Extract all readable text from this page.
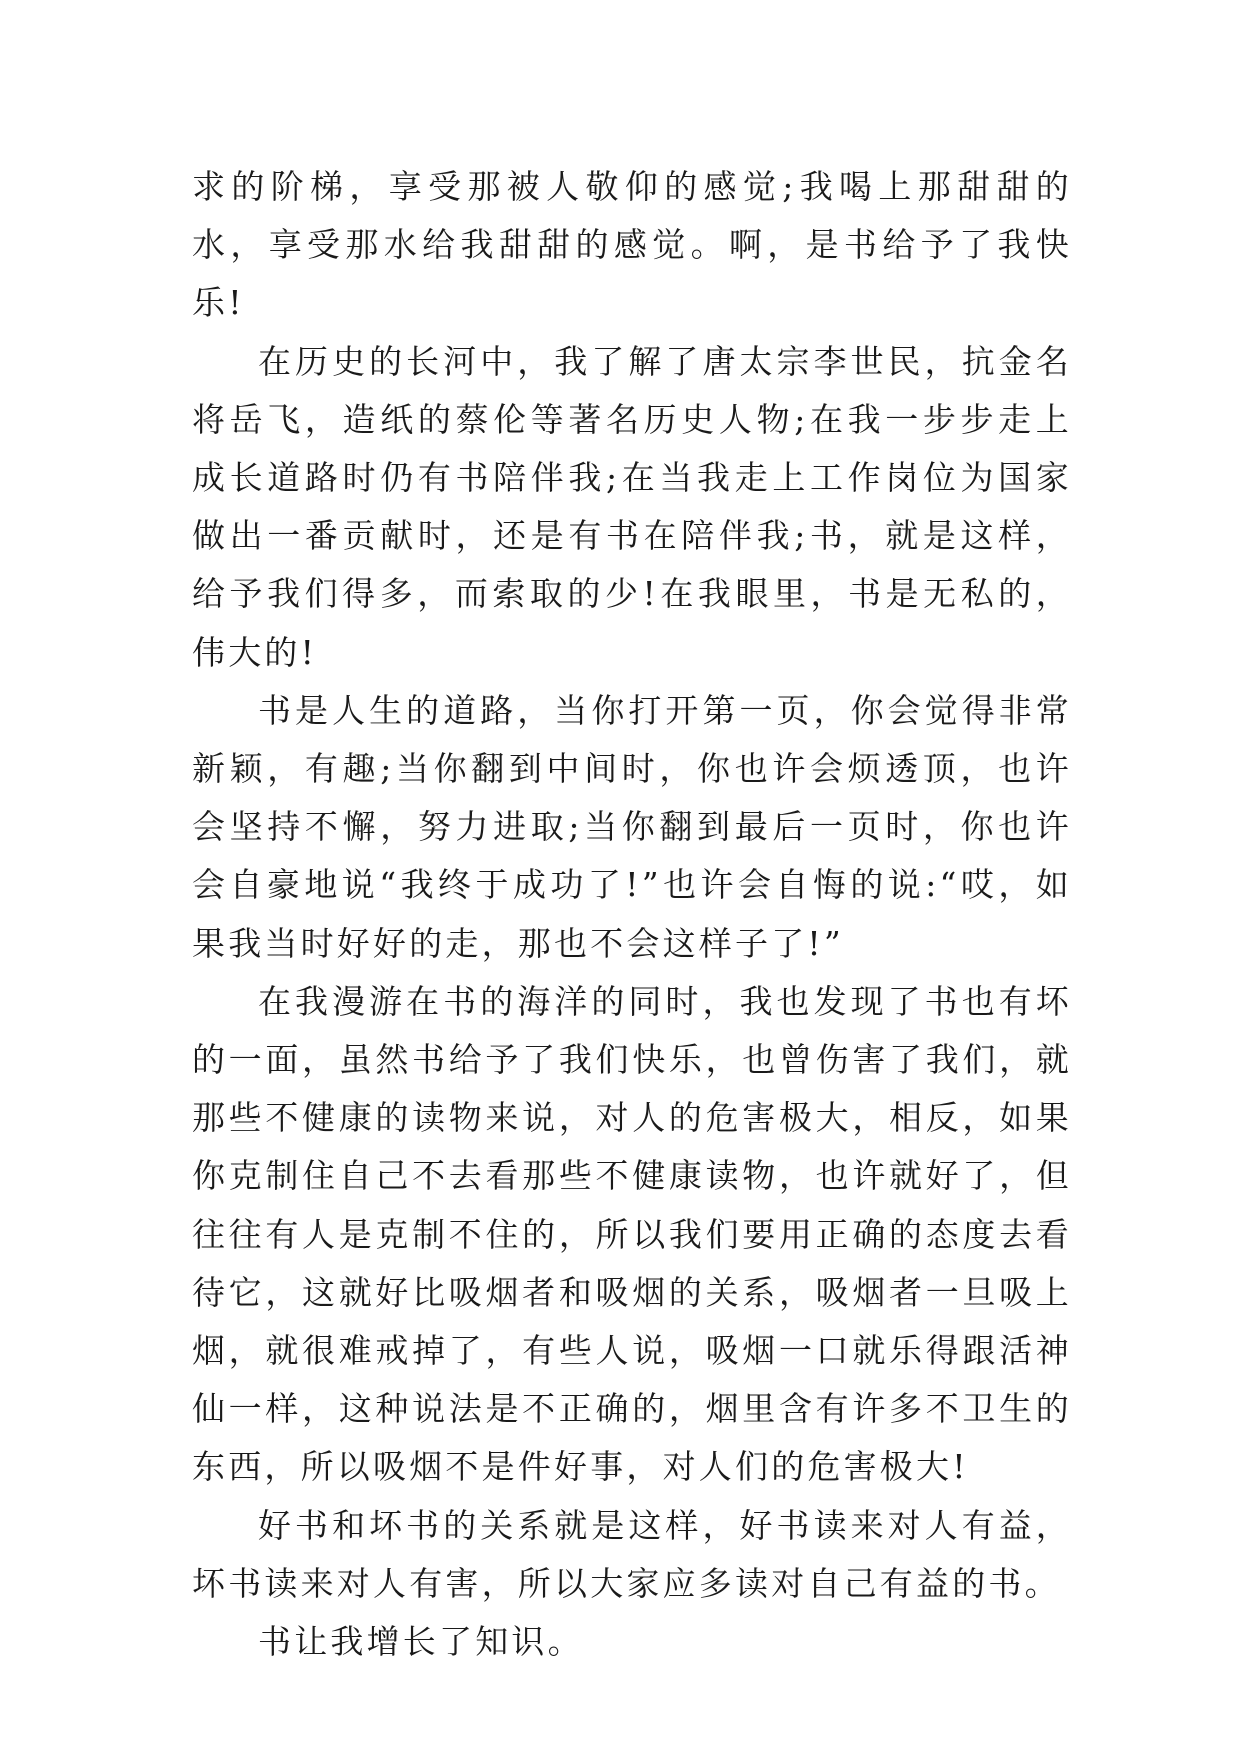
求的阶梯，享受那被人敬仰的感觉;我喝上那甜甜的水，享受那水给我甜甜的感觉。啊，是书给予了我快乐!

在历史的长河中，我了解了唐太宗李世民，抗金名将岳飞，造纸的蔡伦等著名历史人物;在我一步步走上成长道路时仍有书陪伴我;在当我走上工作岗位为国家做出一番贡献时，还是有书在陪伴我;书，就是这样，给予我们得多，而索取的少!在我眼里，书是无私的，伟大的!

书是人生的道路，当你打开第一页，你会觉得非常新颖，有趣;当你翻到中间时，你也许会烦透顶，也许会坚持不懈，努力进取;当你翻到最后一页时，你也许会自豪地说“我终于成功了!”也许会自悔的说:“哎，如果我当时好好的走，那也不会这样子了!”

在我漫游在书的海洋的同时，我也发现了书也有坏的一面，虽然书给予了我们快乐，也曾伤害了我们，就那些不健康的读物来说，对人的危害极大，相反，如果你克制住自己不去看那些不健康读物，也许就好了，但往往有人是克制不住的，所以我们要用正确的态度去看待它，这就好比吸烟者和吸烟的关系，吸烟者一旦吸上烟，就很难戒掉了，有些人说，吸烟一口就乐得跟活神仙一样，这种说法是不正确的，烟里含有许多不卫生的东西，所以吸烟不是件好事，对人们的危害极大!

好书和坏书的关系就是这样，好书读来对人有益，坏书读来对人有害，所以大家应多读对自己有益的书。

书让我增长了知识。
